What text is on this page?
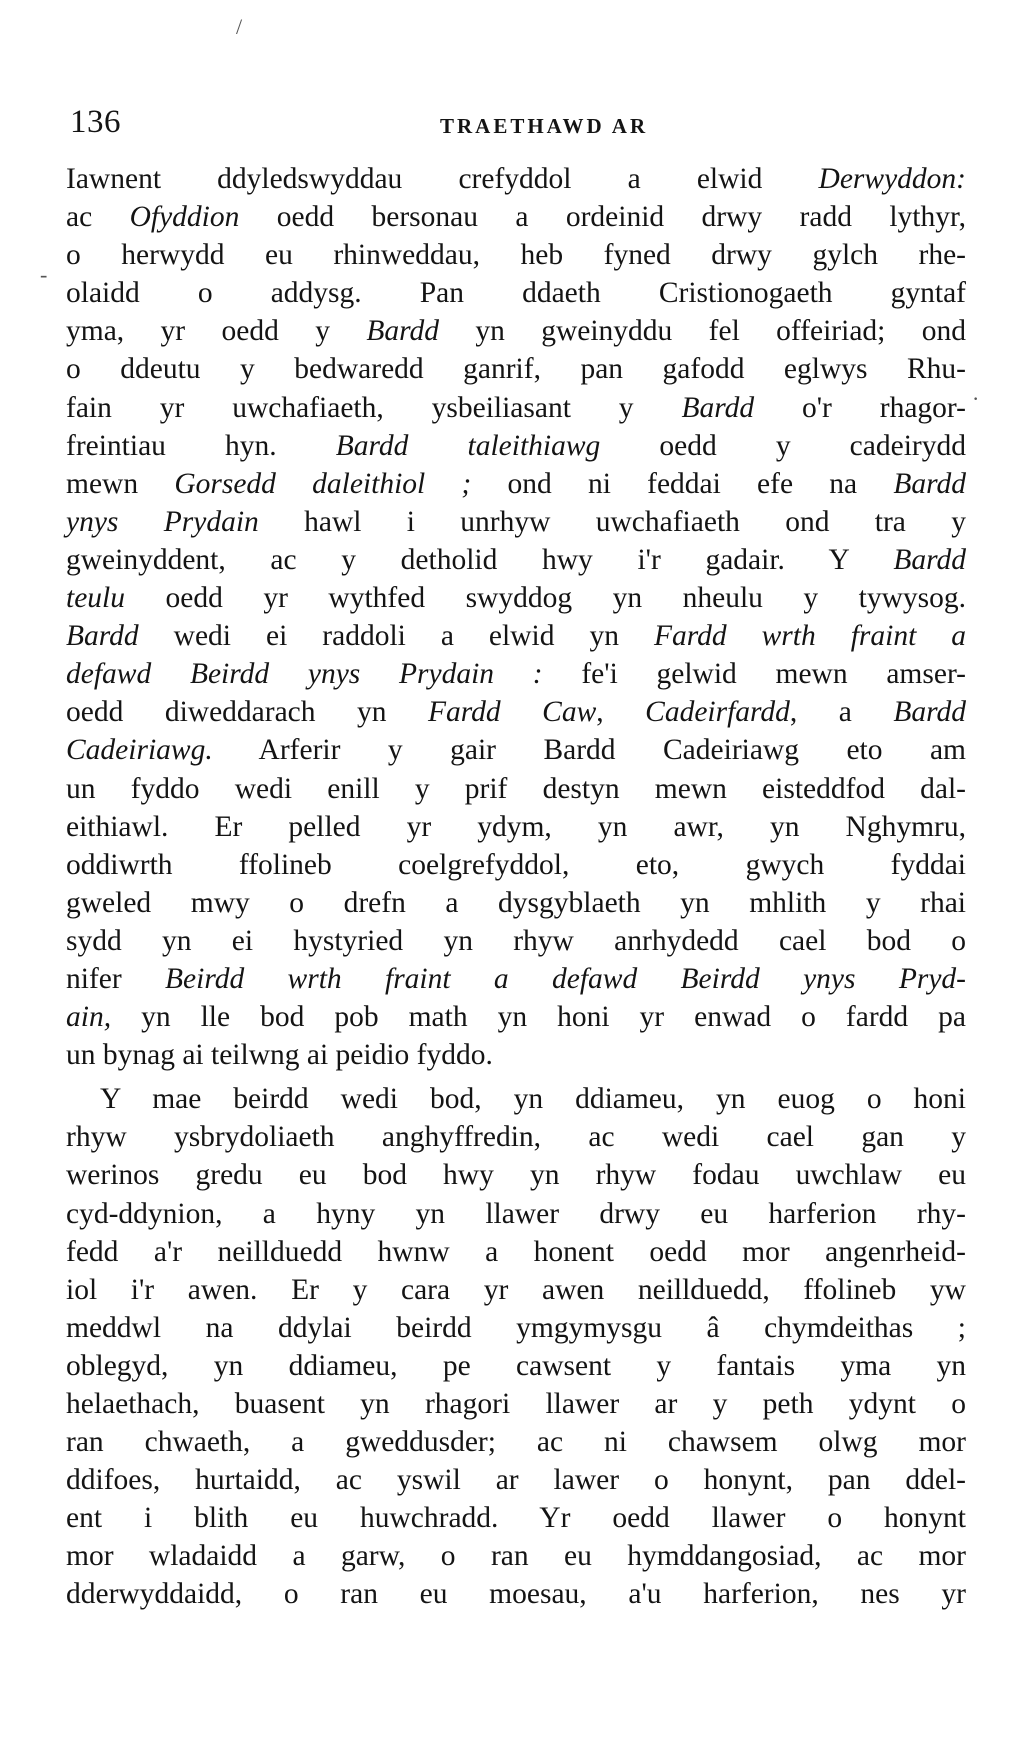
/
-
·
136	TRAETHAWD AR
Iawnent ddyledswyddau crefyddol a elwid Derwyddon:
ac Ofyddion oedd bersonau a ordeinid drwy radd lythyr,
o herwydd eu rhinweddau, heb fyned drwy gylch rhe-
olaidd o addysg. Pan ddaeth Cristionogaeth gyntaf
yma, yr oedd y Bardd yn gweinyddu fel offeiriad; ond
o ddeutu y bedwaredd ganrif, pan gafodd eglwys Rhu-
fain yr uwchafiaeth, ysbeiliasant y Bardd o'r rhagor-
freintiau hyn. Bardd taleithiawg oedd y cadeirydd
mewn Gorsedd daleithiol ; ond ni feddai efe na Bardd
ynys Prydain hawl i unrhyw uwchafiaeth ond tra y
gweinyddent, ac y detholid hwy i'r gadair. Y Bardd
teulu oedd yr wythfed swyddog yn nheulu y tywysog.
Bardd wedi ei raddoli a elwid yn Fardd wrth fraint a
defawd Beirdd ynys Prydain : fe'i gelwid mewn amser-
oedd diweddarach yn Fardd Caw, Cadeirfardd, a Bardd
Cadeiriawg. Arferir y gair Bardd Cadeiriawg eto am
un fyddo wedi enill y prif destyn mewn eisteddfod dal-
eithiawl. Er pelled yr ydym, yn awr, yn Nghymru,
oddiwrth ffolineb coelgrefyddol, eto, gwych fyddai
gweled mwy o drefn a dysgyblaeth yn mhlith y rhai
sydd yn ei hystyried yn rhyw anrhydedd cael bod o
nifer Beirdd wrth fraint a defawd Beirdd ynys Pryd-
ain, yn lle bod pob math yn honi yr enwad o fardd pa
un bynag ai teilwng ai peidio fyddo.
Y mae beirdd wedi bod, yn ddiameu, yn euog o honi
rhyw ysbrydoliaeth anghyffredin, ac wedi cael gan y
werinos gredu eu bod hwy yn rhyw fodau uwchlaw eu
cyd-ddynion, a hyny yn llawer drwy eu harferion rhy-
fedd a'r neillduedd hwnw a honent oedd mor angenrheid-
iol i'r awen. Er y cara yr awen neillduedd, ffolineb yw
meddwl na ddylai beirdd ymgymysgu â chymdeithas ;
oblegyd, yn ddiameu, pe cawsent y fantais yma yn
helaethach, buasent yn rhagori llawer ar y peth ydynt o
ran chwaeth, a gweddusder; ac ni chawsem olwg mor
ddifoes, hurtaidd, ac yswil ar lawer o honynt, pan ddel-
ent i blith eu huwchradd. Yr oedd llawer o honynt
mor wladaidd a garw, o ran eu hymddangosiad, ac mor
dderwyddaidd, o ran eu moesau, a'u harferion, nes yr
